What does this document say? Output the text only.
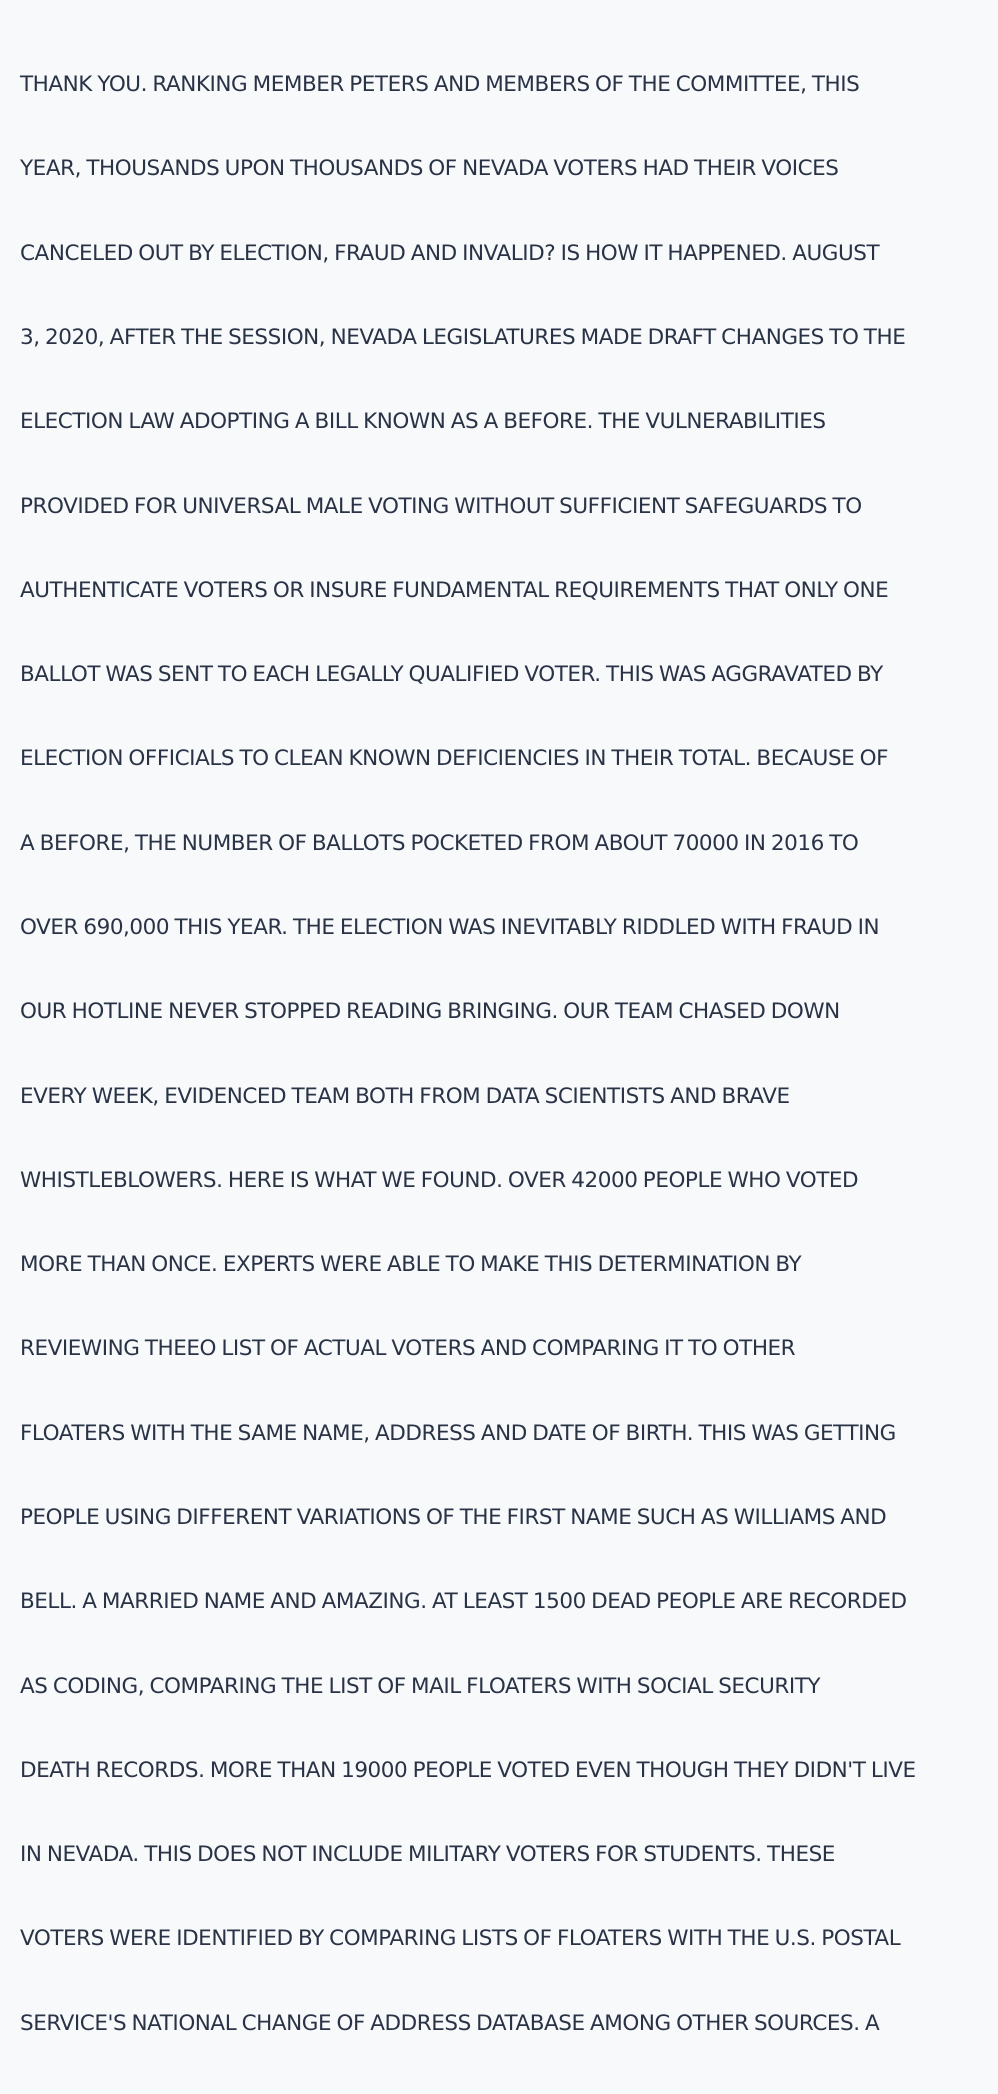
THANK YOU. RANKING MEMBER PETERS AND MEMBERS OF THE COMMITTEE, THIS

YEAR, THOUSANDS UPON THOUSANDS OF NEVADA VOTERS HAD THEIR VOICES

CANCELED OUT BY ELECTION, FRAUD AND INVALID? IS HOW IT HAPPENED. AUGUST

3, 2020, AFTER THE SESSION, NEVADA LEGISLATURES MADE DRAFT CHANGES TO THE

ELECTION LAW ADOPTING A BILL KNOWN AS A BEFORE. THE VULNERABILITIES

PROVIDED FOR UNIVERSAL MALE VOTING WITHOUT SUFFICIENT SAFEGUARDS TO

AUTHENTICATE VOTERS OR INSURE FUNDAMENTAL REQUIREMENTS THAT ONLY ONE

BALLOT WAS SENT TO EACH LEGALLY QUALIFIED VOTER. THIS WAS AGGRAVATED BY

ELECTION OFFICIALS TO CLEAN KNOWN DEFICIENCIES IN THEIR TOTAL. BECAUSE OF

A BEFORE, THE NUMBER OF BALLOTS POCKETED FROM ABOUT 70000 IN 2016 TO

OVER 690,000 THIS YEAR. THE ELECTION WAS INEVITABLY RIDDLED WITH FRAUD IN

OUR HOTLINE NEVER STOPPED READING BRINGING. OUR TEAM CHASED DOWN

EVERY WEEK, EVIDENCED TEAM BOTH FROM DATA SCIENTISTS AND BRAVE

WHISTLEBLOWERS. HERE IS WHAT WE FOUND. OVER 42000 PEOPLE WHO VOTED

MORE THAN ONCE. EXPERTS WERE ABLE TO MAKE THIS DETERMINATION BY

REVIEWING THEEO LIST OF ACTUAL VOTERS AND COMPARING IT TO OTHER

FLOATERS WITH THE SAME NAME, ADDRESS AND DATE OF BIRTH. THIS WAS GETTING

PEOPLE USING DIFFERENT VARIATIONS OF THE FIRST NAME SUCH AS WILLIAMS AND

BELL. A MARRIED NAME AND AMAZING. AT LEAST 1500 DEAD PEOPLE ARE RECORDED

AS CODING, COMPARING THE LIST OF MAIL FLOATERS WITH SOCIAL SECURITY

DEATH RECORDS. MORE THAN 19000 PEOPLE VOTED EVEN THOUGH THEY DIDN'T LIVE

IN NEVADA. THIS DOES NOT INCLUDE MILITARY VOTERS FOR STUDENTS. THESE

VOTERS WERE IDENTIFIED BY COMPARING LISTS OF FLOATERS WITH THE U.S. POSTAL

SERVICE'S NATIONAL CHANGE OF ADDRESS DATABASE AMONG OTHER SOURCES. A
